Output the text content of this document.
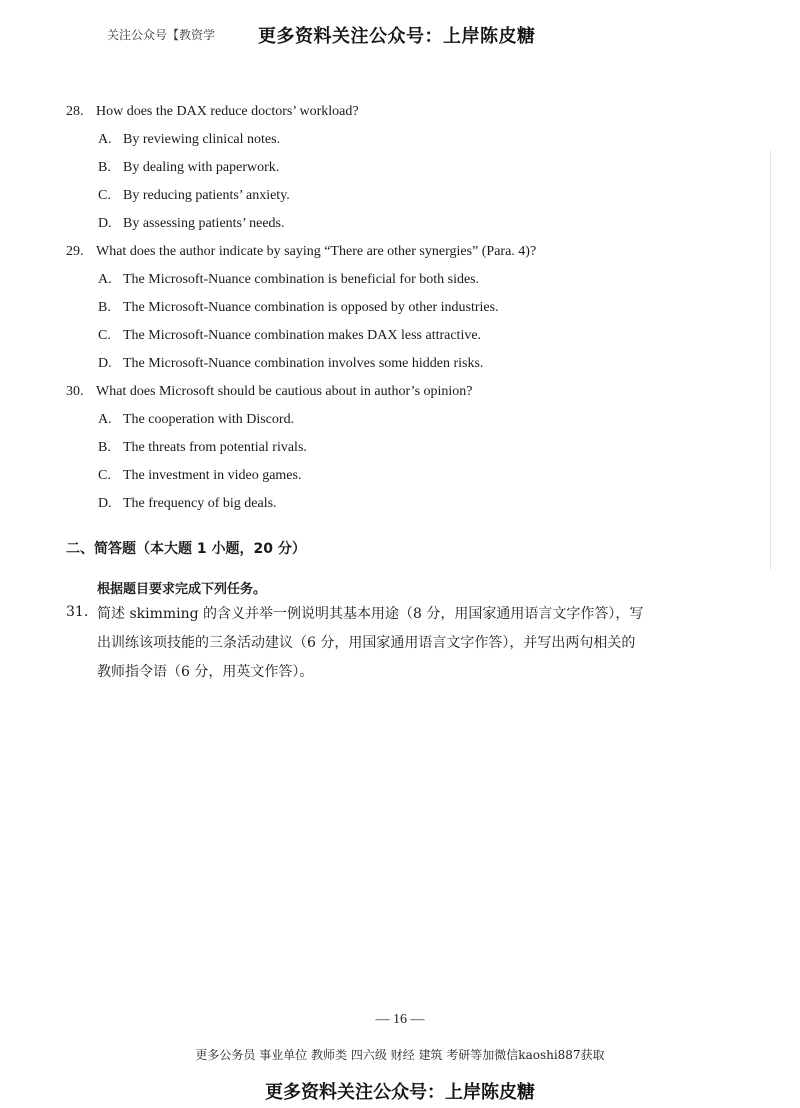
关注公众号【教资学 更多资料关注公众号：上岸陈皮糖
28. How does the DAX reduce doctors’ workload?
A. By reviewing clinical notes.
B. By dealing with paperwork.
C. By reducing patients’ anxiety.
D. By assessing patients’ needs.
29. What does the author indicate by saying “There are other synergies” (Para. 4)?
A. The Microsoft-Nuance combination is beneficial for both sides.
B. The Microsoft-Nuance combination is opposed by other industries.
C. The Microsoft-Nuance combination makes DAX less attractive.
D. The Microsoft-Nuance combination involves some hidden risks.
30. What does Microsoft should be cautious about in author’s opinion?
A. The cooperation with Discord.
B. The threats from potential rivals.
C. The investment in video games.
D. The frequency of big deals.
二、简答题（本大题 1 小题，20 分）
根据题目要求完成下列任务。
31. 简述 skimming 的含义并举一例说明其基本用途（8 分，用国家通用语言文字作答），写
出训练该项技能的三条活动建议（6 分，用国家通用语言文字作答），并写出两句相关的
教师指令语（6 分，用英文作答）。
— 16 —
更多公务员 事业单位 教师类 四六级 财经 建筑 考研等加微信kaoshi887获取
更多资料关注公众号：上岸陈皮糖
